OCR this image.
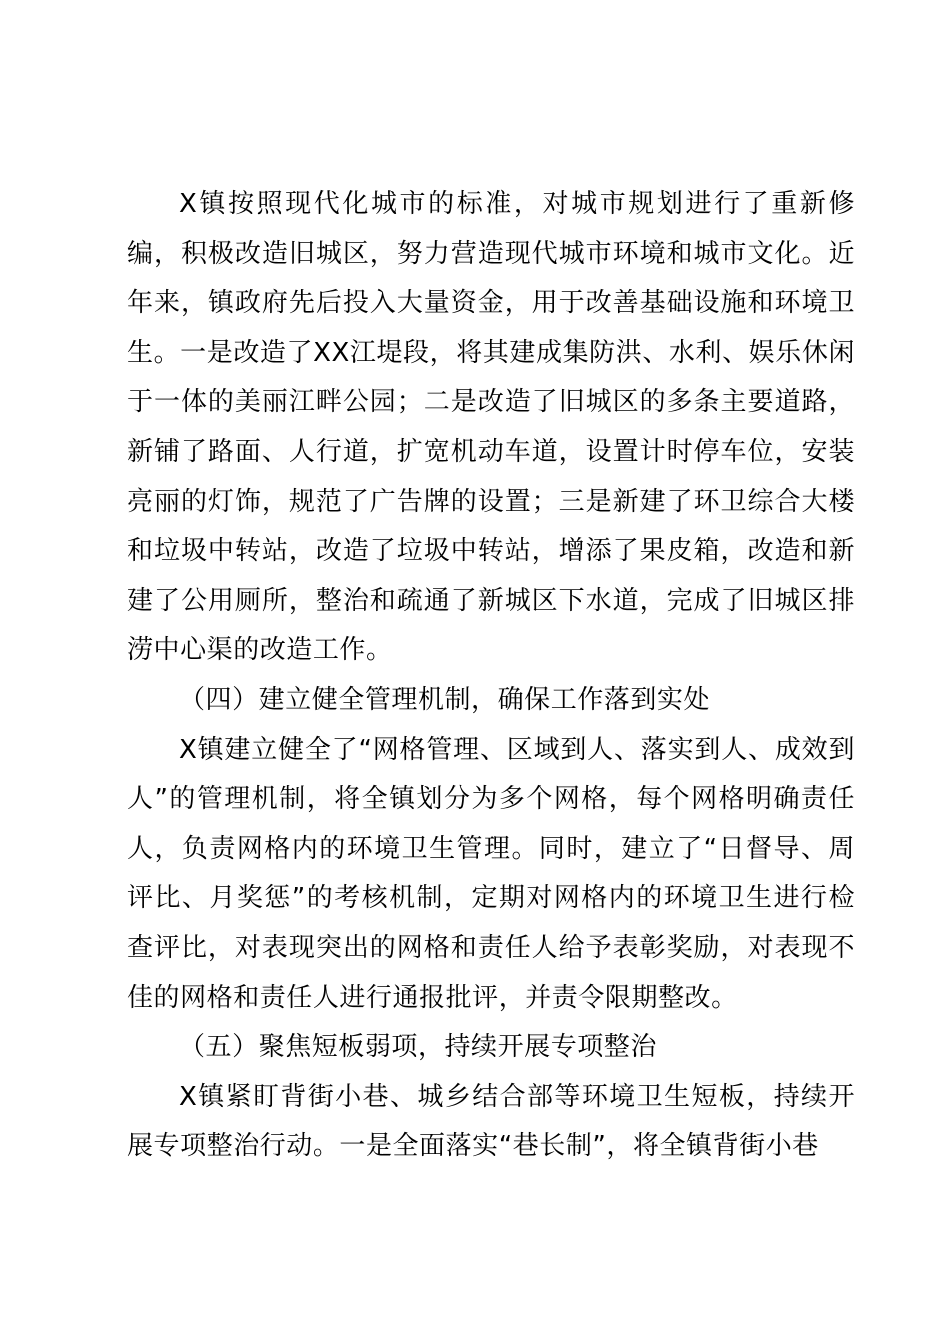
X镇按照现代化城市的标准，对城市规划进行了重新修编，积极改造旧城区，努力营造现代城市环境和城市文化。近年来，镇政府先后投入大量资金，用于改善基础设施和环境卫生。一是改造了XX江堤段，将其建成集防洪、水利、娱乐休闲于一体的美丽江畔公园；二是改造了旧城区的多条主要道路，新铺了路面、人行道，扩宽机动车道，设置计时停车位，安装亮丽的灯饰，规范了广告牌的设置；三是新建了环卫综合大楼和垃圾中转站，改造了垃圾中转站，增添了果皮箱，改造和新建了公用厕所，整治和疏通了新城区下水道，完成了旧城区排涝中心渠的改造工作。

（四）建立健全管理机制，确保工作落到实处

X镇建立健全了“网格管理、区域到人、落实到人、成效到人”的管理机制，将全镇划分为多个网格，每个网格明确责任人，负责网格内的环境卫生管理。同时，建立了“日督导、周评比、月奖惩”的考核机制，定期对网格内的环境卫生进行检查评比，对表现突出的网格和责任人给予表彰奖励，对表现不佳的网格和责任人进行通报批评，并责令限期整改。

（五）聚焦短板弱项，持续开展专项整治

X镇紧盯背街小巷、城乡结合部等环境卫生短板，持续开展专项整治行动。一是全面落实“巷长制”，将全镇背街小巷
